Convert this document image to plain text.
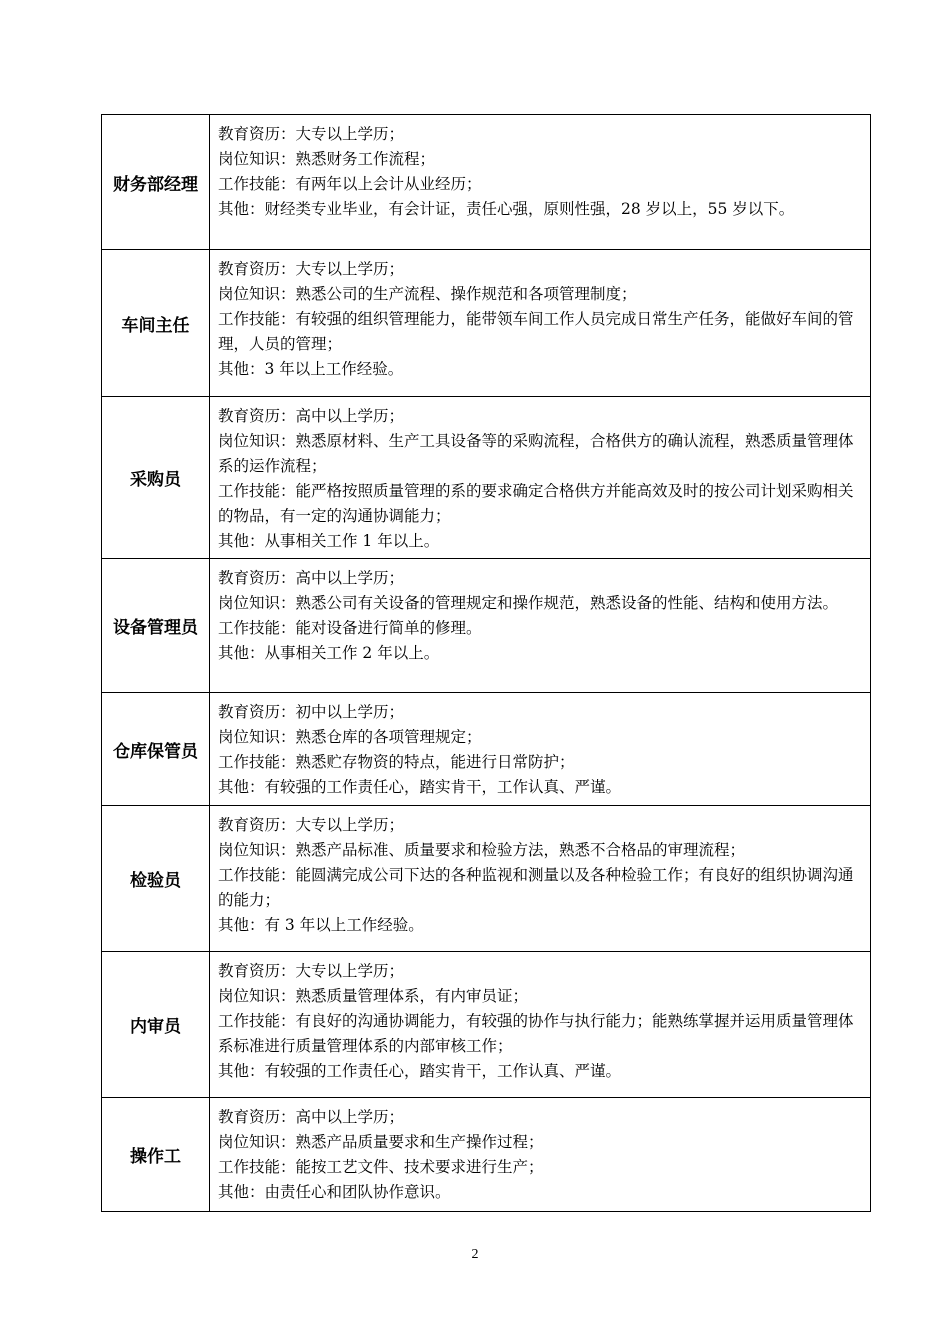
财务部经理	教育资历：大专以上学历；
岗位知识：熟悉财务工作流程；
工作技能：有两年以上会计从业经历；
其他：财经类专业毕业，有会计证，责任心强，原则性强，28 岁以上，55 岁以下。

车间主任	教育资历：大专以上学历；
岗位知识：熟悉公司的生产流程、操作规范和各项管理制度；
工作技能：有较强的组织管理能力，能带领车间工作人员完成日常生产任务，能做好车间的管理，人员的管理；
其他：3 年以上工作经验。

采购员	教育资历：高中以上学历；
岗位知识：熟悉原材料、生产工具设备等的采购流程，合格供方的确认流程，熟悉质量管理体系的运作流程；
工作技能：能严格按照质量管理的系的要求确定合格供方并能高效及时的按公司计划采购相关的物品，有一定的沟通协调能力；
其他：从事相关工作 1 年以上。

设备管理员	教育资历：高中以上学历；
岗位知识：熟悉公司有关设备的管理规定和操作规范，熟悉设备的性能、结构和使用方法。
工作技能：能对设备进行简单的修理。
其他：从事相关工作 2 年以上。

仓库保管员	教育资历：初中以上学历；
岗位知识：熟悉仓库的各项管理规定；
工作技能：熟悉贮存物资的特点，能进行日常防护；
其他：有较强的工作责任心，踏实肯干，工作认真、严谨。

检验员	教育资历：大专以上学历；
岗位知识：熟悉产品标准、质量要求和检验方法，熟悉不合格品的审理流程；
工作技能：能圆满完成公司下达的各种监视和测量以及各种检验工作；有良好的组织协调沟通的能力；
其他：有 3 年以上工作经验。

内审员	教育资历：大专以上学历；
岗位知识：熟悉质量管理体系，有内审员证；
工作技能：有良好的沟通协调能力，有较强的协作与执行能力；能熟练掌握并运用质量管理体系标准进行质量管理体系的内部审核工作；
其他：有较强的工作责任心，踏实肯干，工作认真、严谨。

操作工	教育资历：高中以上学历；
岗位知识：熟悉产品质量要求和生产操作过程；
工作技能：能按工艺文件、技术要求进行生产；
其他：由责任心和团队协作意识。
2
